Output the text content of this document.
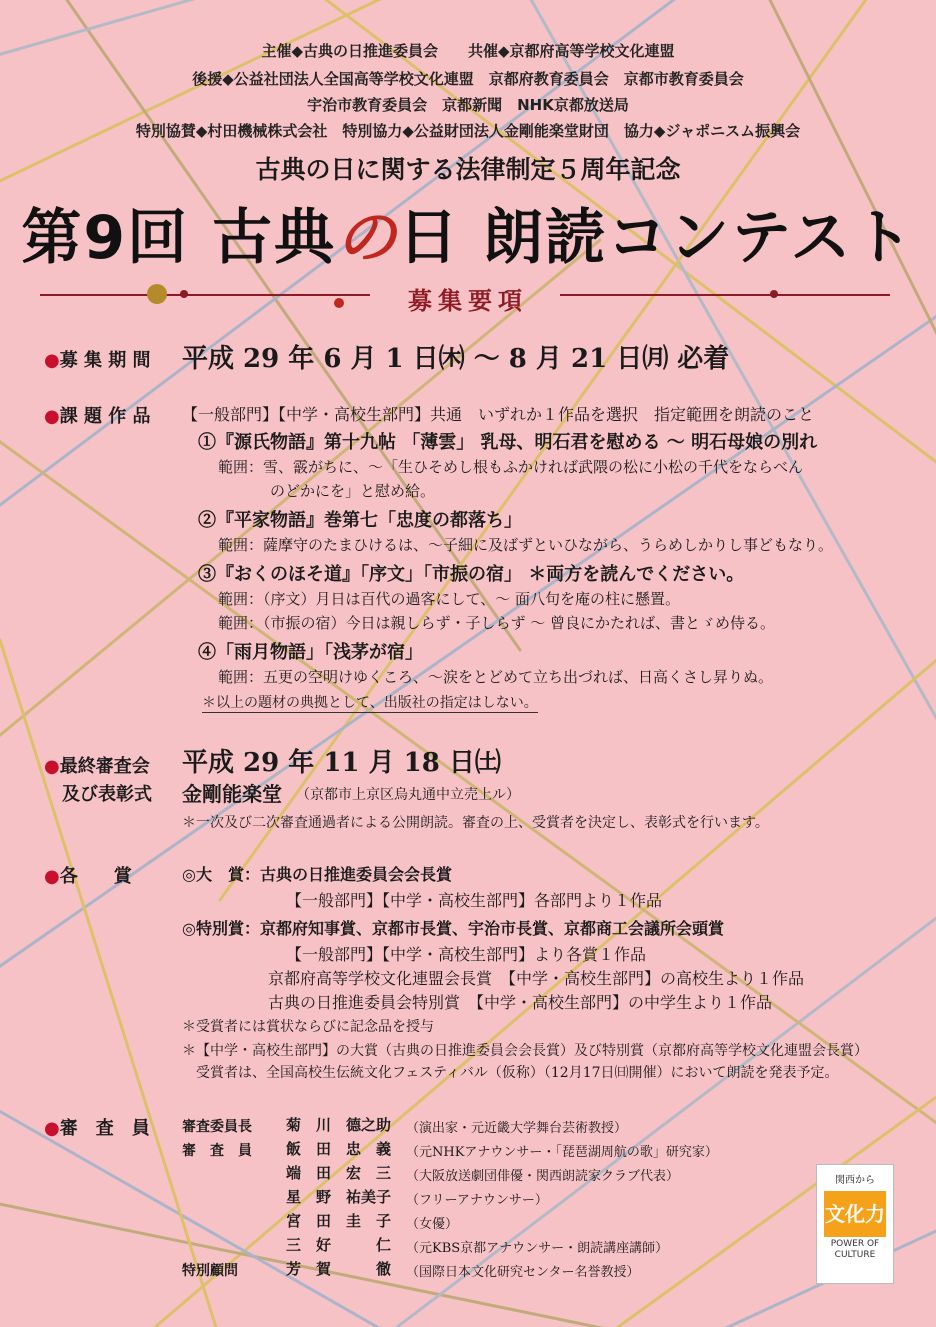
主催◆古典の日推進委員会　　共催◆京都府高等学校文化連盟
後援◆公益社団法人全国高等学校文化連盟　京都府教育委員会　京都市教育委員会
宇治市教育委員会　京都新聞　NHK京都放送局
特別協賛◆村田機械株式会社　特別協力◆公益財団法人金剛能楽堂財団　協力◆ジャポニスム振興会
古典の日に関する法律制定５周年記念
第9回 古典の日 朗読コンテスト
募集要項
●募 集 期 間 平成 29 年 6 月 1 日㈭ ～ 8 月 21 日㈪ 必着
●課 題 作 品 【一般部門】【中学・高校生部門】共通　いずれか１作品を選択　指定範囲を朗読のこと
①『源氏物語』第十九帖 「薄雲」 乳母、明石君を慰める ～ 明石母娘の別れ
範囲：雪、霰がちに、～「生ひそめし根もふかければ武隈の松に小松の千代をならべん
のどかにを」と慰め給。
②『平家物語』巻第七「忠度の都落ち」
範囲：薩摩守のたまひけるは、～子細に及ばずといひながら、うらめしかりし事どもなり。
③『おくのほそ道』「序文」「市振の宿」 ＊両方を読んでください。
範囲：（序文）月日は百代の過客にして、～ 面八句を庵の柱に懸置。
範囲：（市振の宿）今日は親しらず・子しらず ～ 曾良にかたれば、書とゞめ侍る。
④「雨月物語」「浅茅が宿」
範囲：五更の空明けゆくころ、～涙をとどめて立ち出づれば、日高くさし昇りぬ。
＊以上の題材の典拠として、出版社の指定はしない。
●最終審査会
及び表彰式
平成 29 年 11 月 18 日㈯
金剛能楽堂 （京都市上京区烏丸通中立売上ル）
＊一次及び二次審査通過者による公開朗読。審査の上、受賞者を決定し、表彰式を行います。
●各　　賞	◎大　賞：古典の日推進委員会会長賞
【一般部門】【中学・高校生部門】各部門より１作品
◎特別賞：京都府知事賞、京都市長賞、宇治市長賞、京都商工会議所会頭賞
【一般部門】【中学・高校生部門】より各賞１作品
京都府高等学校文化連盟会長賞　【中学・高校生部門】の高校生より１作品
古典の日推進委員会特別賞　【中学・高校生部門】の中学生より１作品
＊受賞者には賞状ならびに記念品を授与
＊【中学・高校生部門】の大賞（古典の日推進委員会会長賞）及び特別賞（京都府高等学校文化連盟会長賞）
受賞者は、全国高校生伝統文化フェスティバル（仮称）（12月17日㈰開催）において朗読を発表予定。
●審　査　員 審査委員長 菊　川　德之助 （演出家・元近畿大学舞台芸術教授）
審　査　員 飯　田　忠　義 （元NHKアナウンサー・「琵琶湖周航の歌」研究家）
端　田　宏　三 （大阪放送劇団俳優・関西朗読家クラブ代表）
星　野　祐美子 （フリーアナウンサー）
宮　田　圭　子 （女優）
三　好　　　仁 （元KBS京都アナウンサー・朗読講座講師）
特別顧問	芳　賀　　　徹 （国際日本文化研究センター名誉教授）
関西から
文化力
POWER OF
CULTURE
